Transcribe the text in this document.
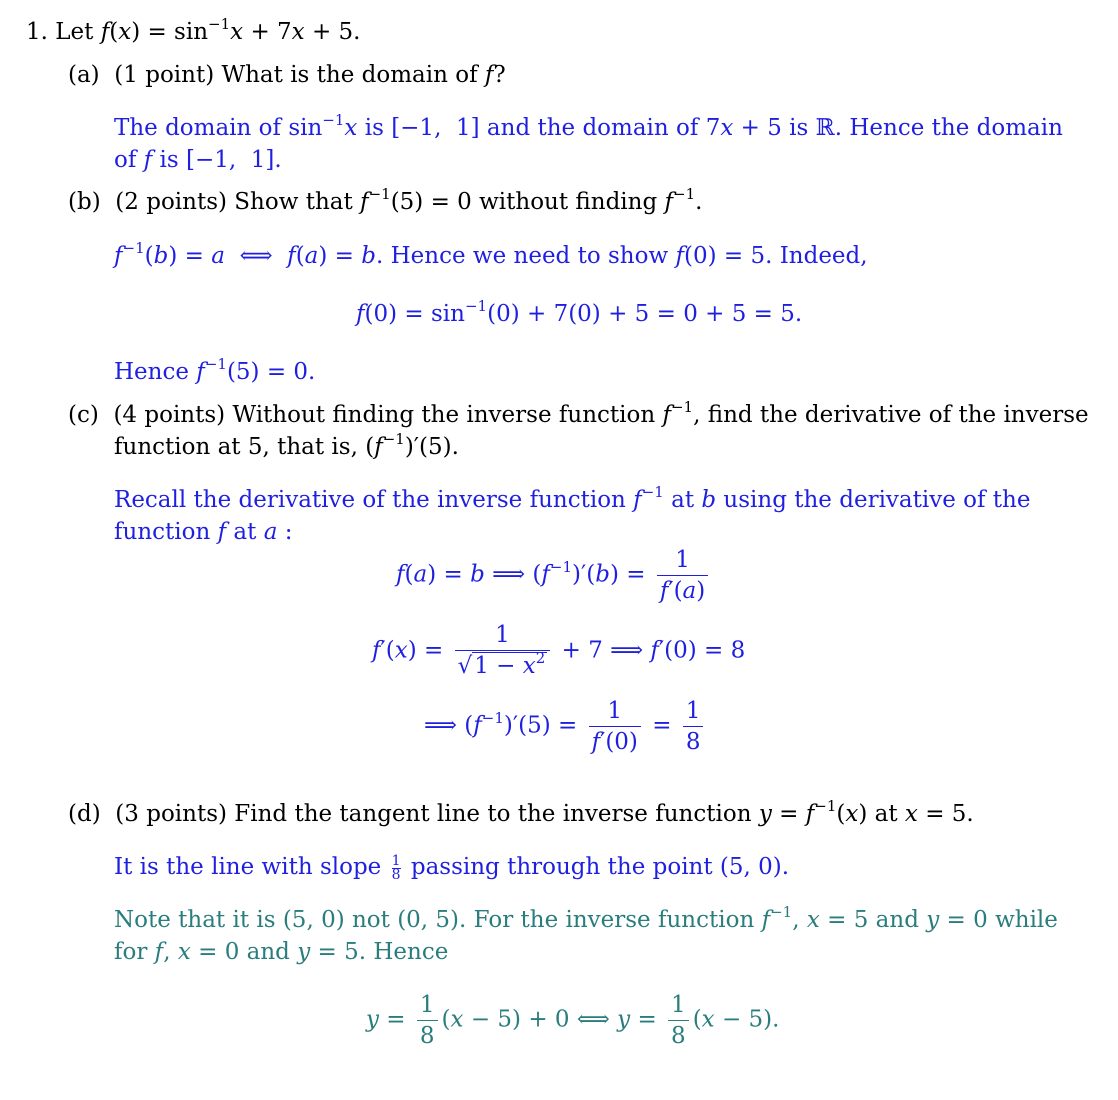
1. Let $f(x) = \sin^{-1}x + 7x + 5$.
(a) (1 point) What is the domain of f?
The domain of $\sin^{-1}x$ is [−1,  1] and the domain of 7x + 5 is ℝ. Hence the domain
of f is [−1,  1].
(b) (2 points) Show that $f^{-1}(5) = 0$ without finding $f^{-1}$.
$f^{-1}(b) = a$  ⟺  f(a) = b. Hence we need to show f(0) = 5. Indeed,
$f(0) = \sin^{-1}(0) + 7(0) + 5 = 0 + 5 = 5$.
Hence $f^{-1}(5) = 0$.
(c) (4 points) Without finding the inverse function $f^{-1}$, find the derivative of the inverse
function at 5, that is, $(f^{-1})'(5)$.
Recall the derivative of the inverse function $f^{-1}$ at b using the derivative of the
function f at a :
f(a) = b ⟹ $(f^{-1})'(b) = \frac{1}{f'(a)}$
$f'(x) = \frac{1}{√1 - x^2} + 7$ ⟹ f′(0) = 8
⟹ $(f^{-1})'(5) = \frac{1}{f'(0)} = \frac{1}{8}$
(d) (3 points) Find the tangent line to the inverse function $y = f^{-1}(x)$ at x = 5.
It is the line with slope $\frac{1}{8}$ passing through the point (5, 0).
Note that it is (5, 0) not (0, 5). For the inverse function $f^{-1}$, x = 5 and y = 0 while
for f, x = 0 and y = 5. Hence
$y = \frac{1}{8} (x - 5) + 0$ ⟺ $y = \frac{1}{8} (x - 5)$.
